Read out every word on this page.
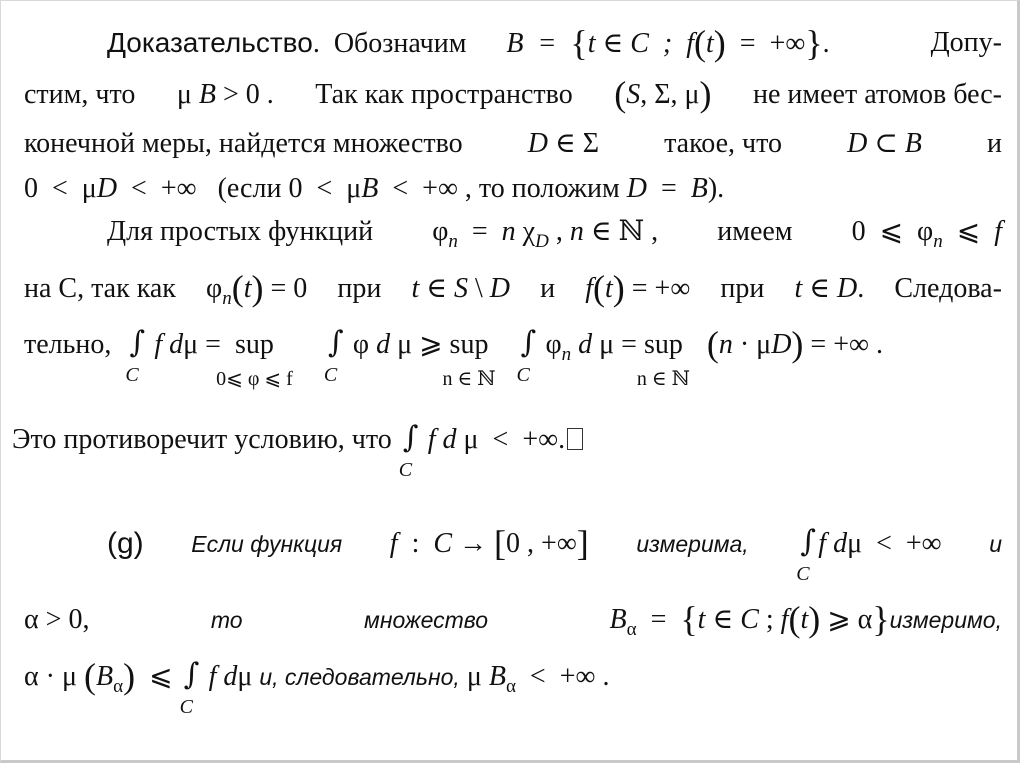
Доказательство.  Обозначим B  =  {t ∈ C  ;  f(t) =  +∞}.	Допу-
стим, что μ B > 0 . Так как пространство (S, Σ, μ) не имеет атомов бес-
конечной меры, найдется множество D ∈ Σ такое, что D ⊂ B и
0  <  μD  <  +∞ (если 0  <  μB  <  +∞ , то положим D  =  B).
Для простых функций $\varphi_n = n$ $\chi_D$ , n ∈ ℕ , имеем 0  ⩽  $\varphi_n$  ⩽  f
на C, так как $\varphi_n(t) = 0$ при t ∈ S \ D и f(t) = +∞ при t ∈ D. Следова-
тельно, ∫
C
f dμ = sup
0⩽ φ ⩽ f

∫
C
φ d μ ⩾ sup
n ∈ ℕ

∫
C
$\varphi_n$ d μ = sup
n ∈ ℕ
(n · μD) = +∞ .
Это противоречит условию, что ∫
C
f d μ  <  +∞.
(g) Если функция f  :  C → [0 , +∞] измерима, ∫
C
f dμ  <  +∞ и
α > 0,	то	множество	$B_\alpha = \{t$ ∈ C ; f(t) ⩾ α}измеримо,
α · μ $(B_\alpha)$  ⩽ ∫
C
f dμ и, следовательно, μ $B_\alpha$  <  +∞ .
